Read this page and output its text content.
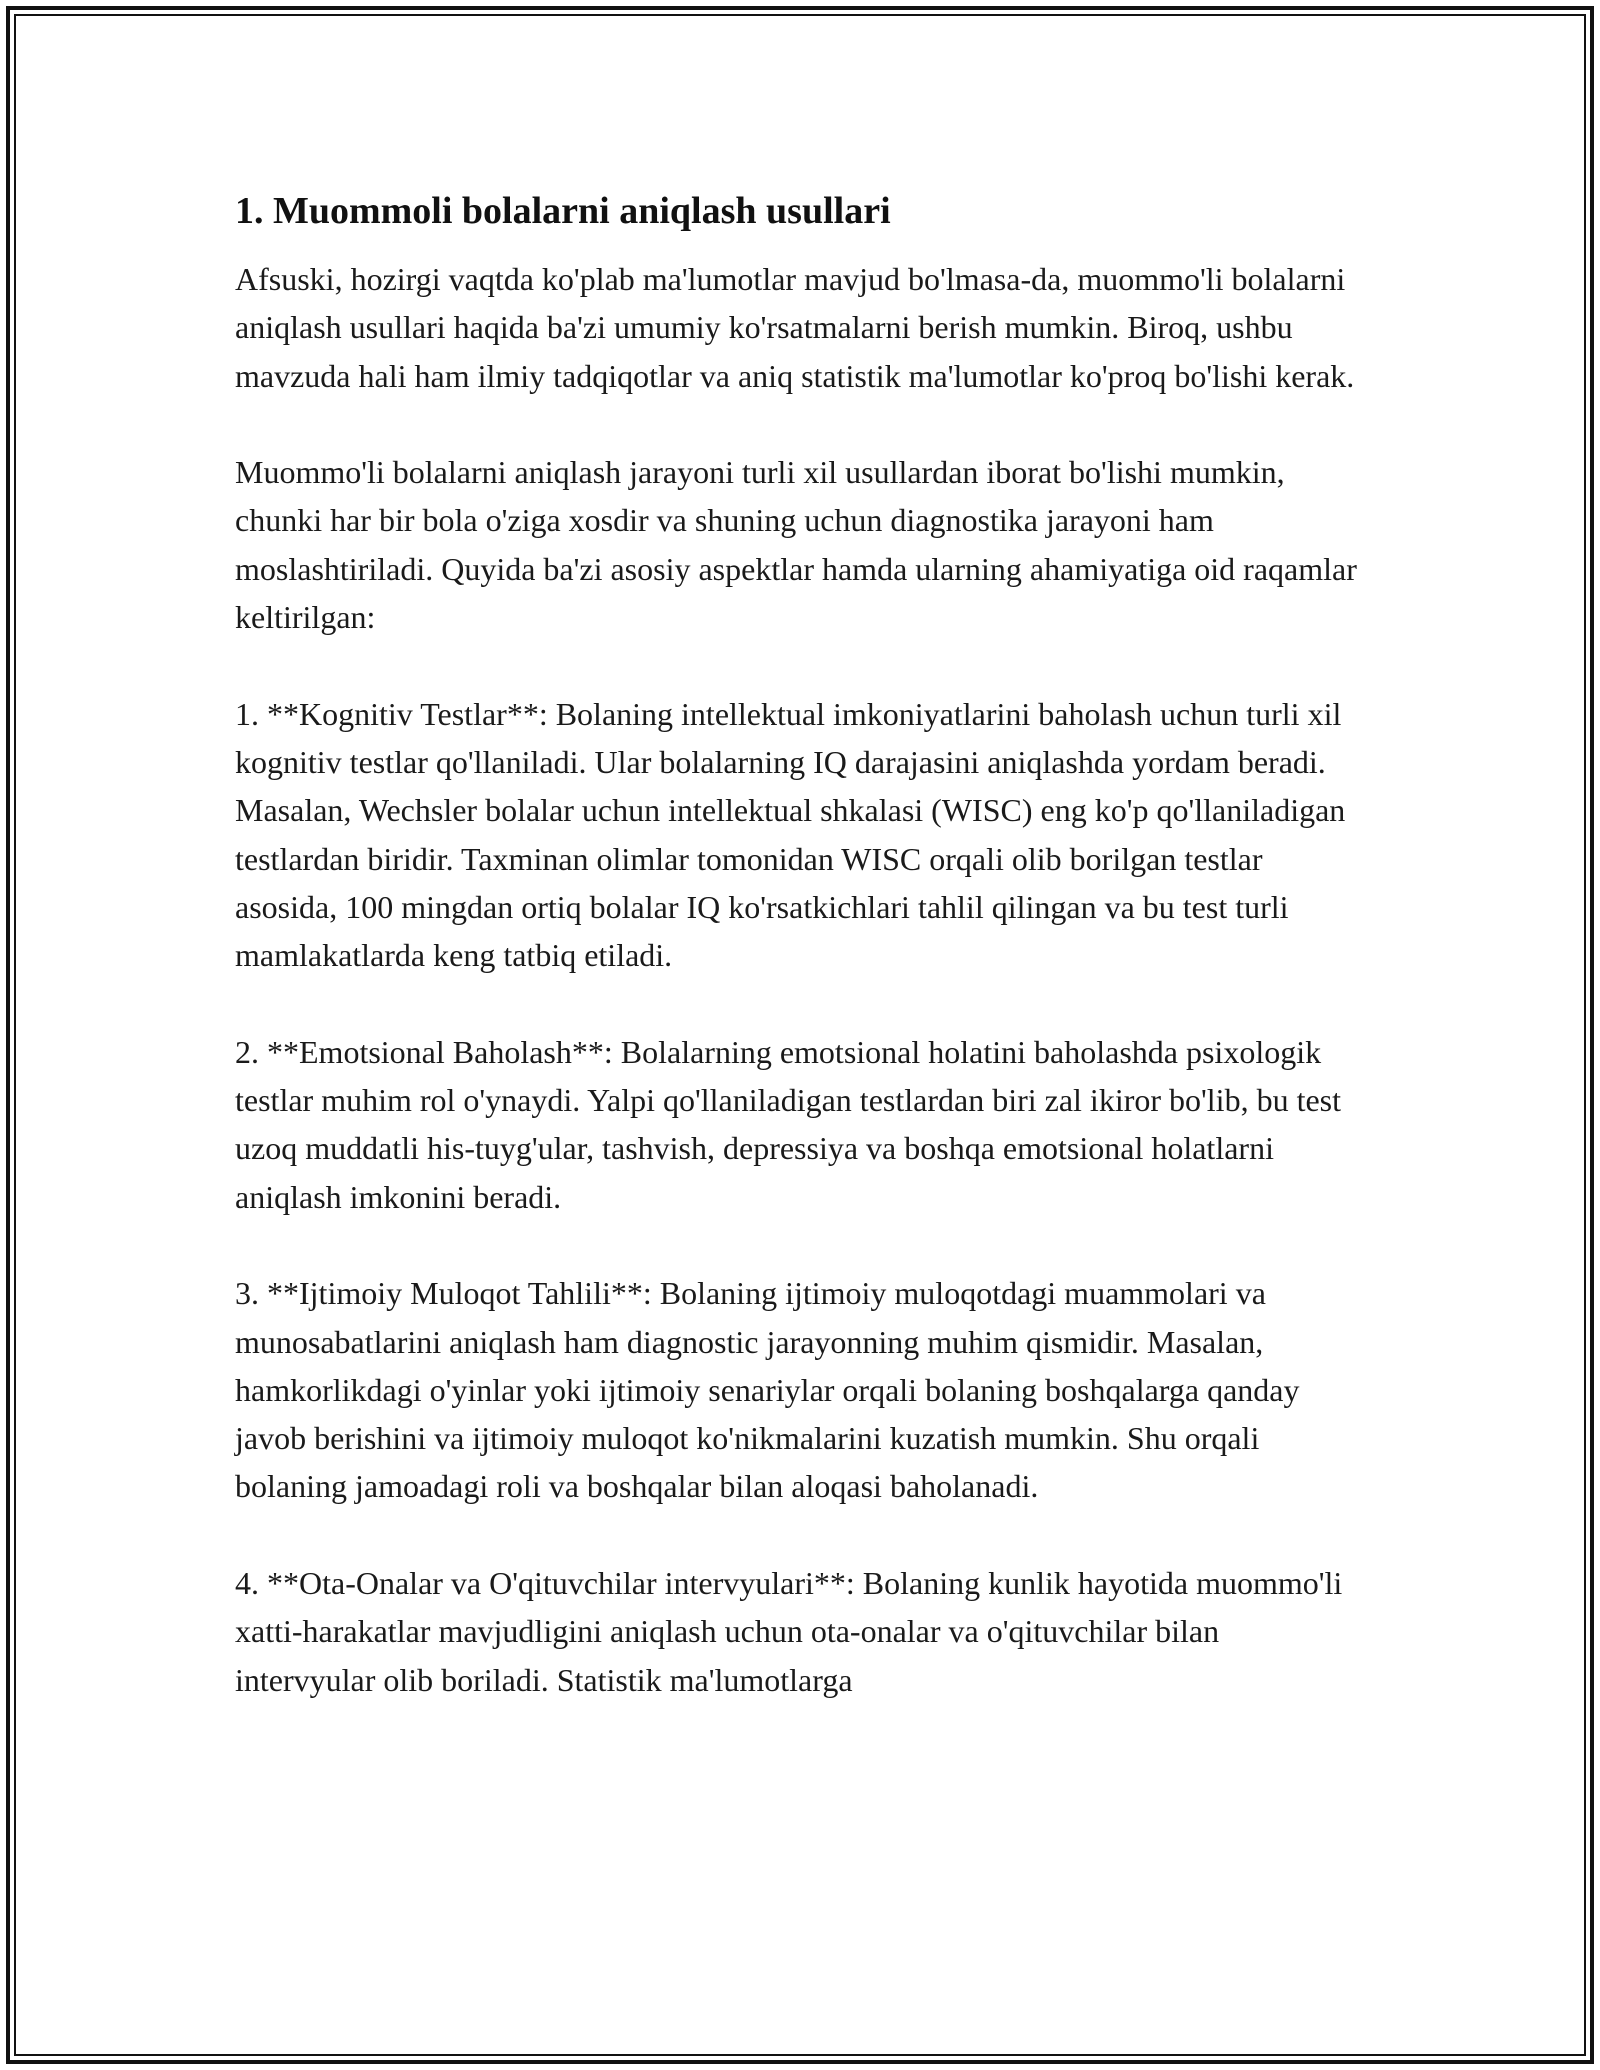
1. Muommoli bolalarni aniqlash usullari

Afsuski, hozirgi vaqtda ko'plab ma'lumotlar mavjud bo'lmasa-da, muommo'li bolalarni aniqlash usullari haqida ba'zi umumiy ko'rsatmalarni berish mumkin. Biroq, ushbu mavzuda hali ham ilmiy tadqiqotlar va aniq statistik ma'lumotlar ko'proq bo'lishi kerak.

Muommo'li bolalarni aniqlash jarayoni turli xil usullardan iborat bo'lishi mumkin, chunki har bir bola o'ziga xosdir va shuning uchun diagnostika jarayoni ham moslashtiriladi. Quyida ba'zi asosiy aspektlar hamda ularning ahamiyatiga oid raqamlar keltirilgan:

1. **Kognitiv Testlar**: Bolaning intellektual imkoniyatlarini baholash uchun turli xil kognitiv testlar qo'llaniladi. Ular bolalarning IQ darajasini aniqlashda yordam beradi. Masalan, Wechsler bolalar uchun intellektual shkalasi (WISC) eng ko'p qo'llaniladigan testlardan biridir. Taxminan olimlar tomonidan WISC orqali olib borilgan testlar asosida, 100 mingdan ortiq bolalar IQ ko'rsatkichlari tahlil qilingan va bu test turli mamlakatlarda keng tatbiq etiladi.

2. **Emotsional Baholash**: Bolalarning emotsional holatini baholashda psixologik testlar muhim rol o'ynaydi. Yalpi qo'llaniladigan testlardan biri zal ikiror bo'lib, bu test uzoq muddatli his-tuyg'ular, tashvish, depressiya va boshqa emotsional holatlarni aniqlash imkonini beradi.

3. **Ijtimoiy Muloqot Tahlili**: Bolaning ijtimoiy muloqotdagi muammolari va munosabatlarini aniqlash ham diagnostic jarayonning muhim qismidir. Masalan, hamkorlikdagi o'yinlar yoki ijtimoiy senariylar orqali bolaning boshqalarga qanday javob berishini va ijtimoiy muloqot ko'nikmalarini kuzatish mumkin. Shu orqali bolaning jamoadagi roli va boshqalar bilan aloqasi baholanadi.

4. **Ota-Onalar va O'qituvchilar intervyulari**: Bolaning kunlik hayotida muommo'li xatti-harakatlar mavjudligini aniqlash uchun ota-onalar va o'qituvchilar bilan intervyular olib boriladi. Statistik ma'lumotlarga
